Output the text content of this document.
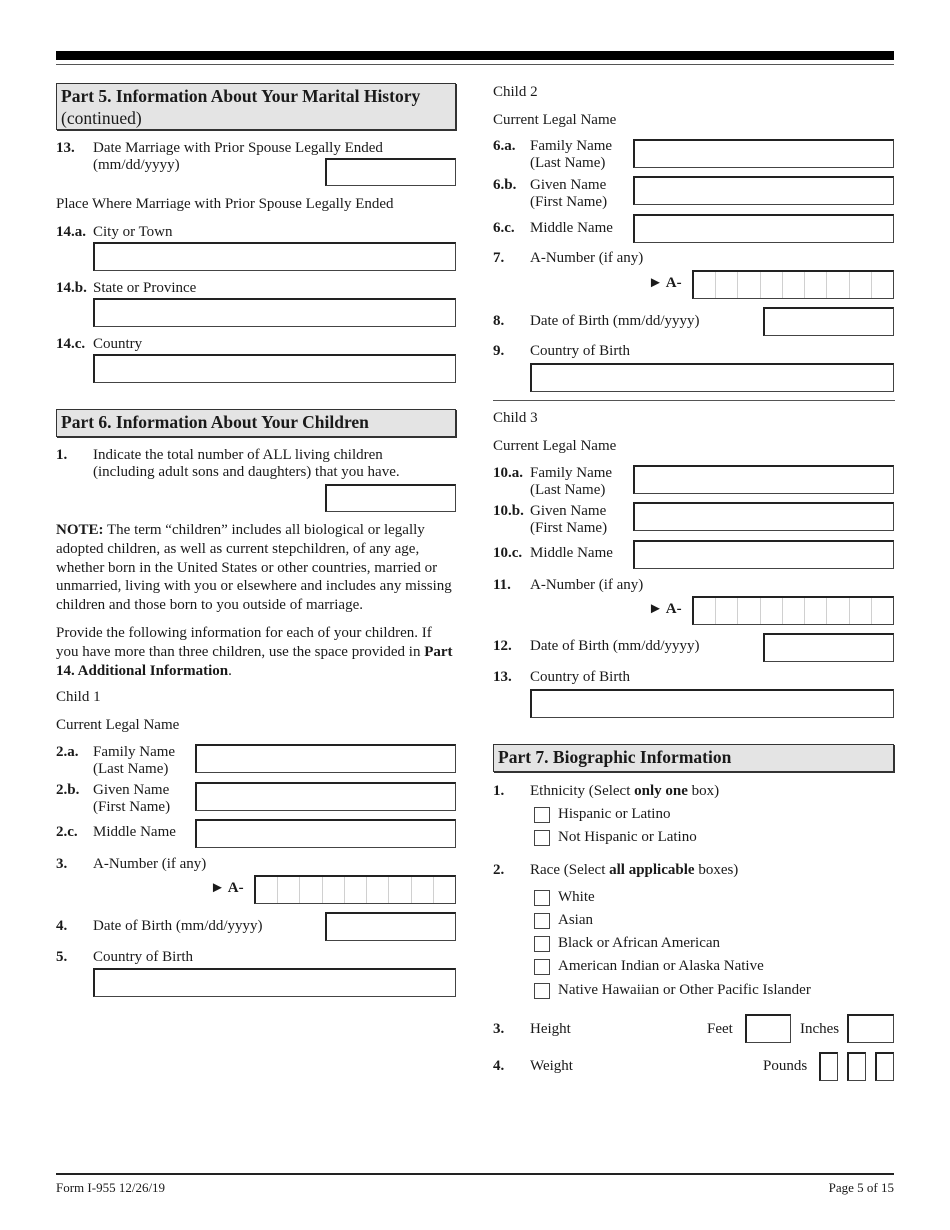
Part 5. Information About Your Marital History
(continued)
13. Date Marriage with Prior Spouse Legally Ended
(mm/dd/yyyy)
Place Where Marriage with Prior Spouse Legally Ended
14.a. City or Town
14.b. State or Province
14.c. Country
Part 6. Information About Your Children
1. Indicate the total number of ALL living children
(including adult sons and daughters) that you have.

NOTE: The term “children” includes all biological or legally adopted children, as well as current stepchildren, of any age, whether born in the United States or other countries, married or unmarried, living with you or elsewhere and includes any missing children and those born to you outside of marriage.

Provide the following information for each of your children. If you have more than three children, use the space provided in Part 14. Additional Information.

Child 1
Current Legal Name
2.a. Family Name
(Last Name)
2.b. Given Name
(First Name)
2.c. Middle Name
3. A-Number (if any)
► A-
4. Date of Birth (mm/dd/yyyy)
5. Country of Birth
Child 2
Current Legal Name
6.a. Family Name
(Last Name)
6.b. Given Name
(First Name)
6.c. Middle Name
7. A-Number (if any)
► A-
8. Date of Birth (mm/dd/yyyy)
9. Country of Birth
Child 3
Current Legal Name
10.a. Family Name
(Last Name)
10.b. Given Name
(First Name)
10.c. Middle Name
11. A-Number (if any)
► A-
12. Date of Birth (mm/dd/yyyy)
13. Country of Birth
Part 7. Biographic Information
1. Ethnicity (Select only one box)
Hispanic or Latino
Not Hispanic or Latino
2. Race (Select all applicable boxes)
White
Asian
Black or African American
American Indian or Alaska Native
Native Hawaiian or Other Pacific Islander
3. Height	Feet	Inches
4. Weight	Pounds
Form I-955 12/26/19	Page 5 of 15
